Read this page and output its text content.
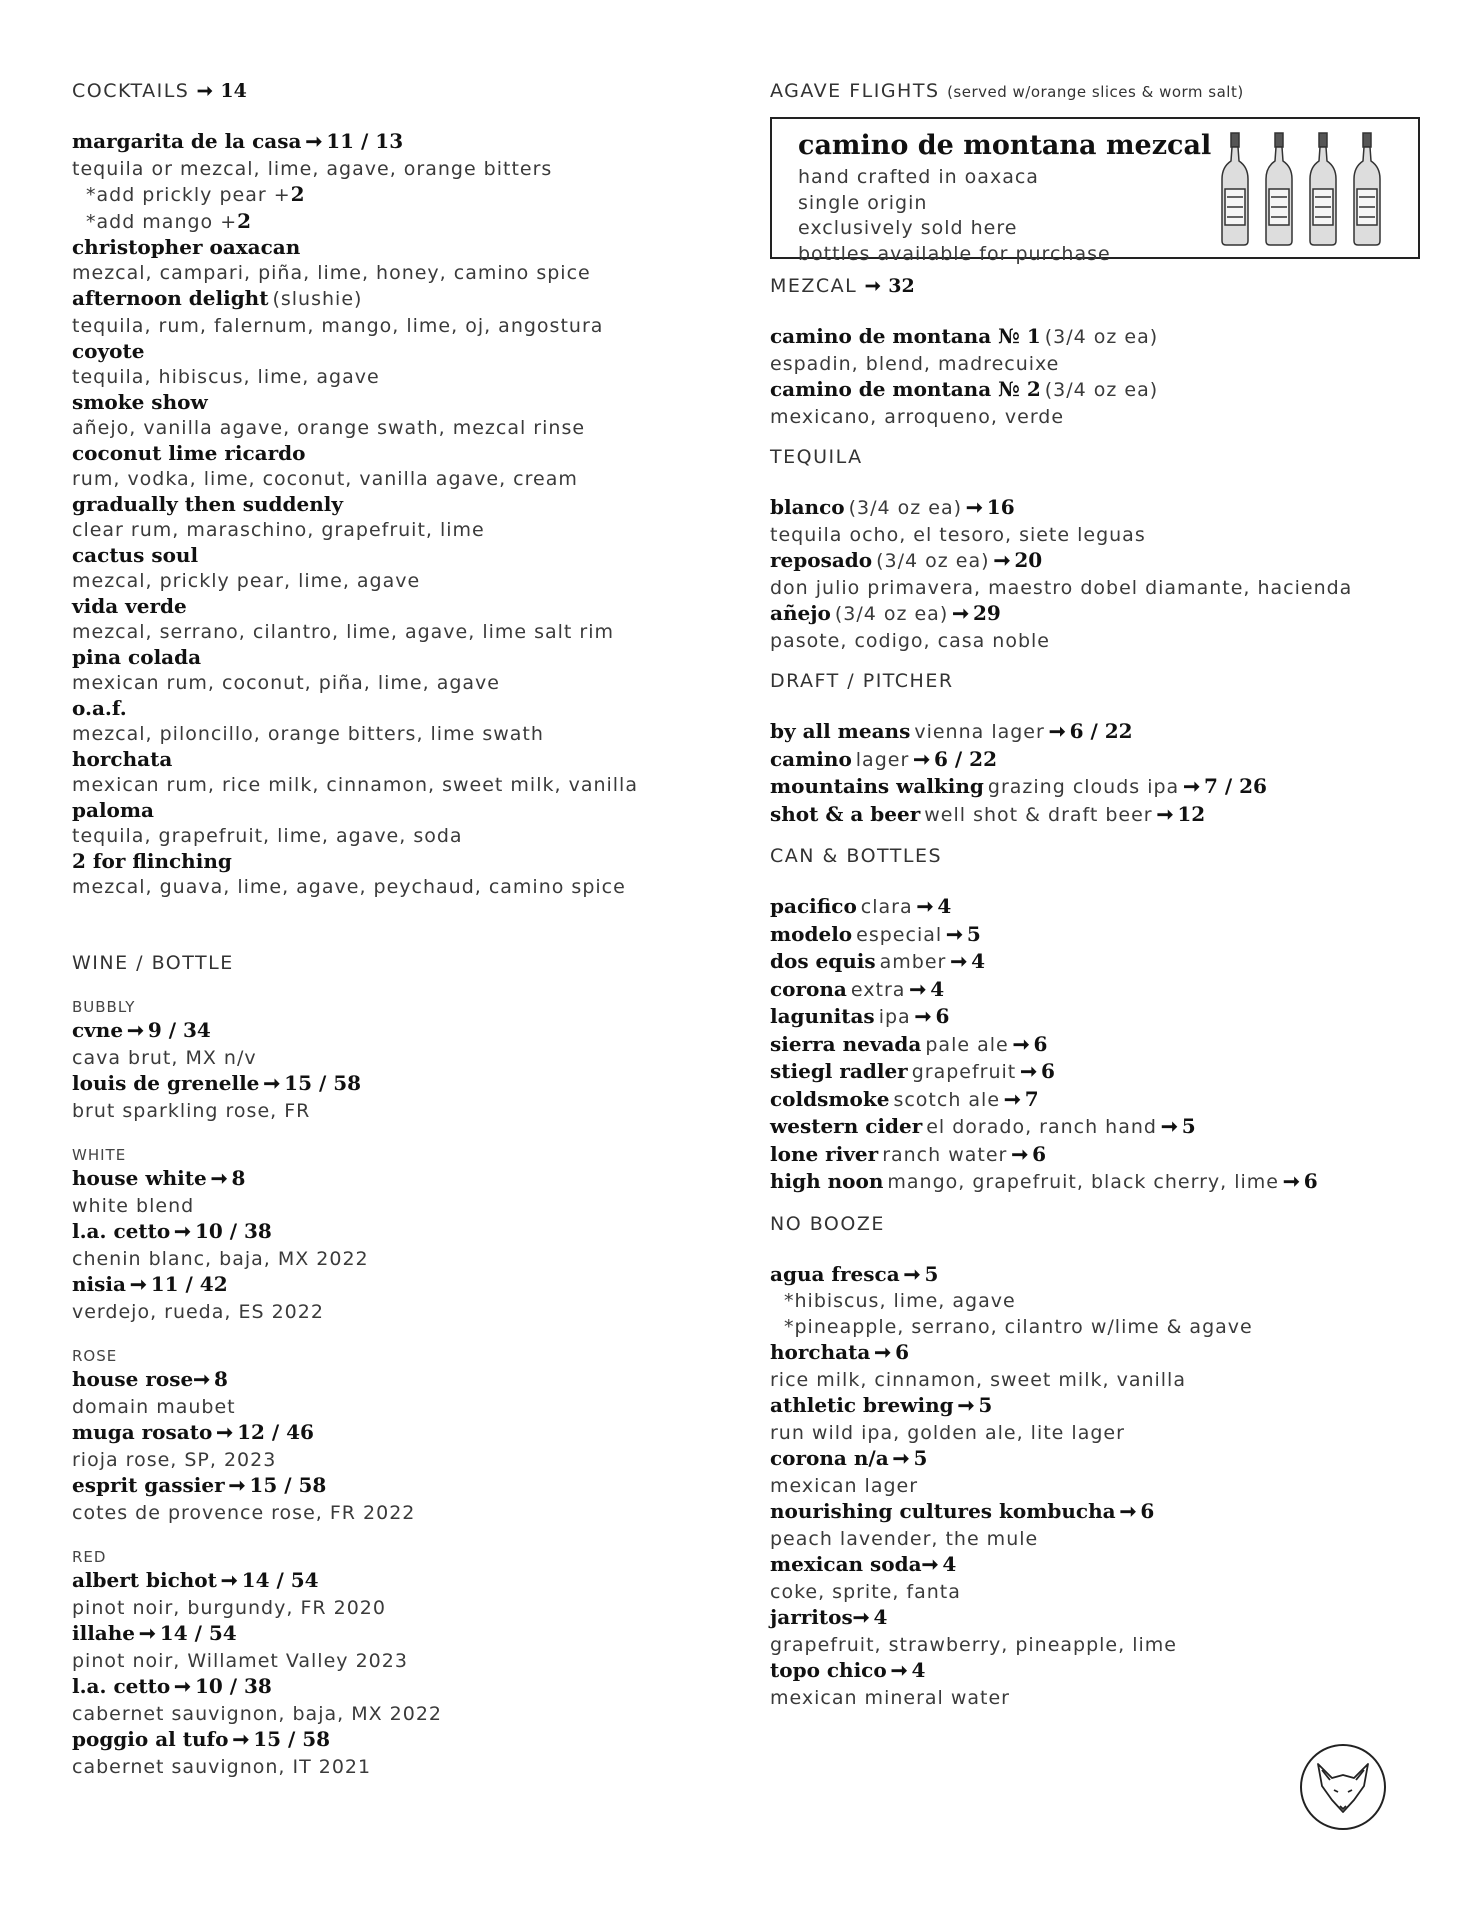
COCKTAILS ➞ 14
margarita de la casa ➞ 11 / 13
tequila or mezcal, lime, agave, orange bitters
*add prickly pear +2
*add mango +2
christopher oaxacan
mezcal, campari, piña, lime, honey, camino spice
afternoon delight (slushie)
tequila, rum, falernum, mango, lime, oj, angostura
coyote
tequila, hibiscus, lime, agave
smoke show
añejo, vanilla agave, orange swath, mezcal rinse
coconut lime ricardo
rum, vodka, lime, coconut, vanilla agave, cream
gradually then suddenly
clear rum, maraschino, grapefruit, lime
cactus soul
mezcal, prickly pear, lime, agave
vida verde
mezcal, serrano, cilantro, lime, agave, lime salt rim
pina colada
mexican rum, coconut, piña, lime, agave
o.a.f.
mezcal, piloncillo, orange bitters, lime swath
horchata
mexican rum, rice milk, cinnamon, sweet milk, vanilla
paloma
tequila, grapefruit, lime, agave, soda
2 for flinching
mezcal, guava, lime, agave, peychaud, camino spice
WINE / BOTTLE
BUBBLY
cvne ➞ 9 / 34
cava brut, MX n/v
louis de grenelle ➞ 15 / 58
brut sparkling rose, FR
WHITE
house white ➞ 8
white blend
l.a. cetto ➞ 10 / 38
chenin blanc, baja, MX 2022
nisia ➞ 11 / 42
verdejo, rueda, ES 2022
ROSE
house rose➞ 8
domain maubet
muga rosato ➞ 12 / 46
rioja rose, SP, 2023
esprit gassier ➞ 15 / 58
cotes de provence rose, FR 2022
RED
albert bichot ➞ 14 / 54
pinot noir, burgundy, FR 2020
illahe ➞ 14 / 54
pinot noir, Willamet Valley 2023
l.a. cetto ➞ 10 / 38
cabernet sauvignon, baja, MX 2022
poggio al tufo ➞ 15 / 58
cabernet sauvignon, IT 2021
AGAVE FLIGHTS (served w/orange slices & worm salt)
camino de montana mezcal
hand crafted in oaxaca
single origin
exclusively sold here
bottles available for purchase
MEZCAL ➞ 32
camino de montana № 1 (3/4 oz ea)
espadin, blend, madrecuixe
camino de montana № 2 (3/4 oz ea)
mexicano, arroqueno, verde
TEQUILA
blanco (3/4 oz ea) ➞ 16
tequila ocho, el tesoro, siete leguas
reposado (3/4 oz ea) ➞ 20
don julio primavera, maestro dobel diamante, hacienda
añejo (3/4 oz ea) ➞ 29
pasote, codigo, casa noble
DRAFT / PITCHER
by all means vienna lager ➞ 6 / 22
camino lager ➞ 6 / 22
mountains walking grazing clouds ipa ➞ 7 / 26
shot & a beer well shot & draft beer ➞ 12
CAN & BOTTLES
pacifico clara ➞ 4
modelo especial ➞ 5
dos equis amber ➞ 4
corona extra ➞ 4
lagunitas ipa ➞ 6
sierra nevada pale ale ➞ 6
stiegl radler grapefruit ➞ 6
coldsmoke scotch ale ➞ 7
western cider el dorado, ranch hand ➞ 5
lone river ranch water ➞ 6
high noon mango, grapefruit, black cherry, lime ➞ 6
NO BOOZE
agua fresca ➞ 5
*hibiscus, lime, agave
*pineapple, serrano, cilantro w/lime & agave
horchata ➞ 6
rice milk, cinnamon, sweet milk, vanilla
athletic brewing ➞ 5
run wild ipa, golden ale, lite lager
corona n/a ➞ 5
mexican lager
nourishing cultures kombucha ➞ 6
peach lavender, the mule
mexican soda➞ 4
coke, sprite, fanta
jarritos➞ 4
grapefruit, strawberry, pineapple, lime
topo chico ➞ 4
mexican mineral water
